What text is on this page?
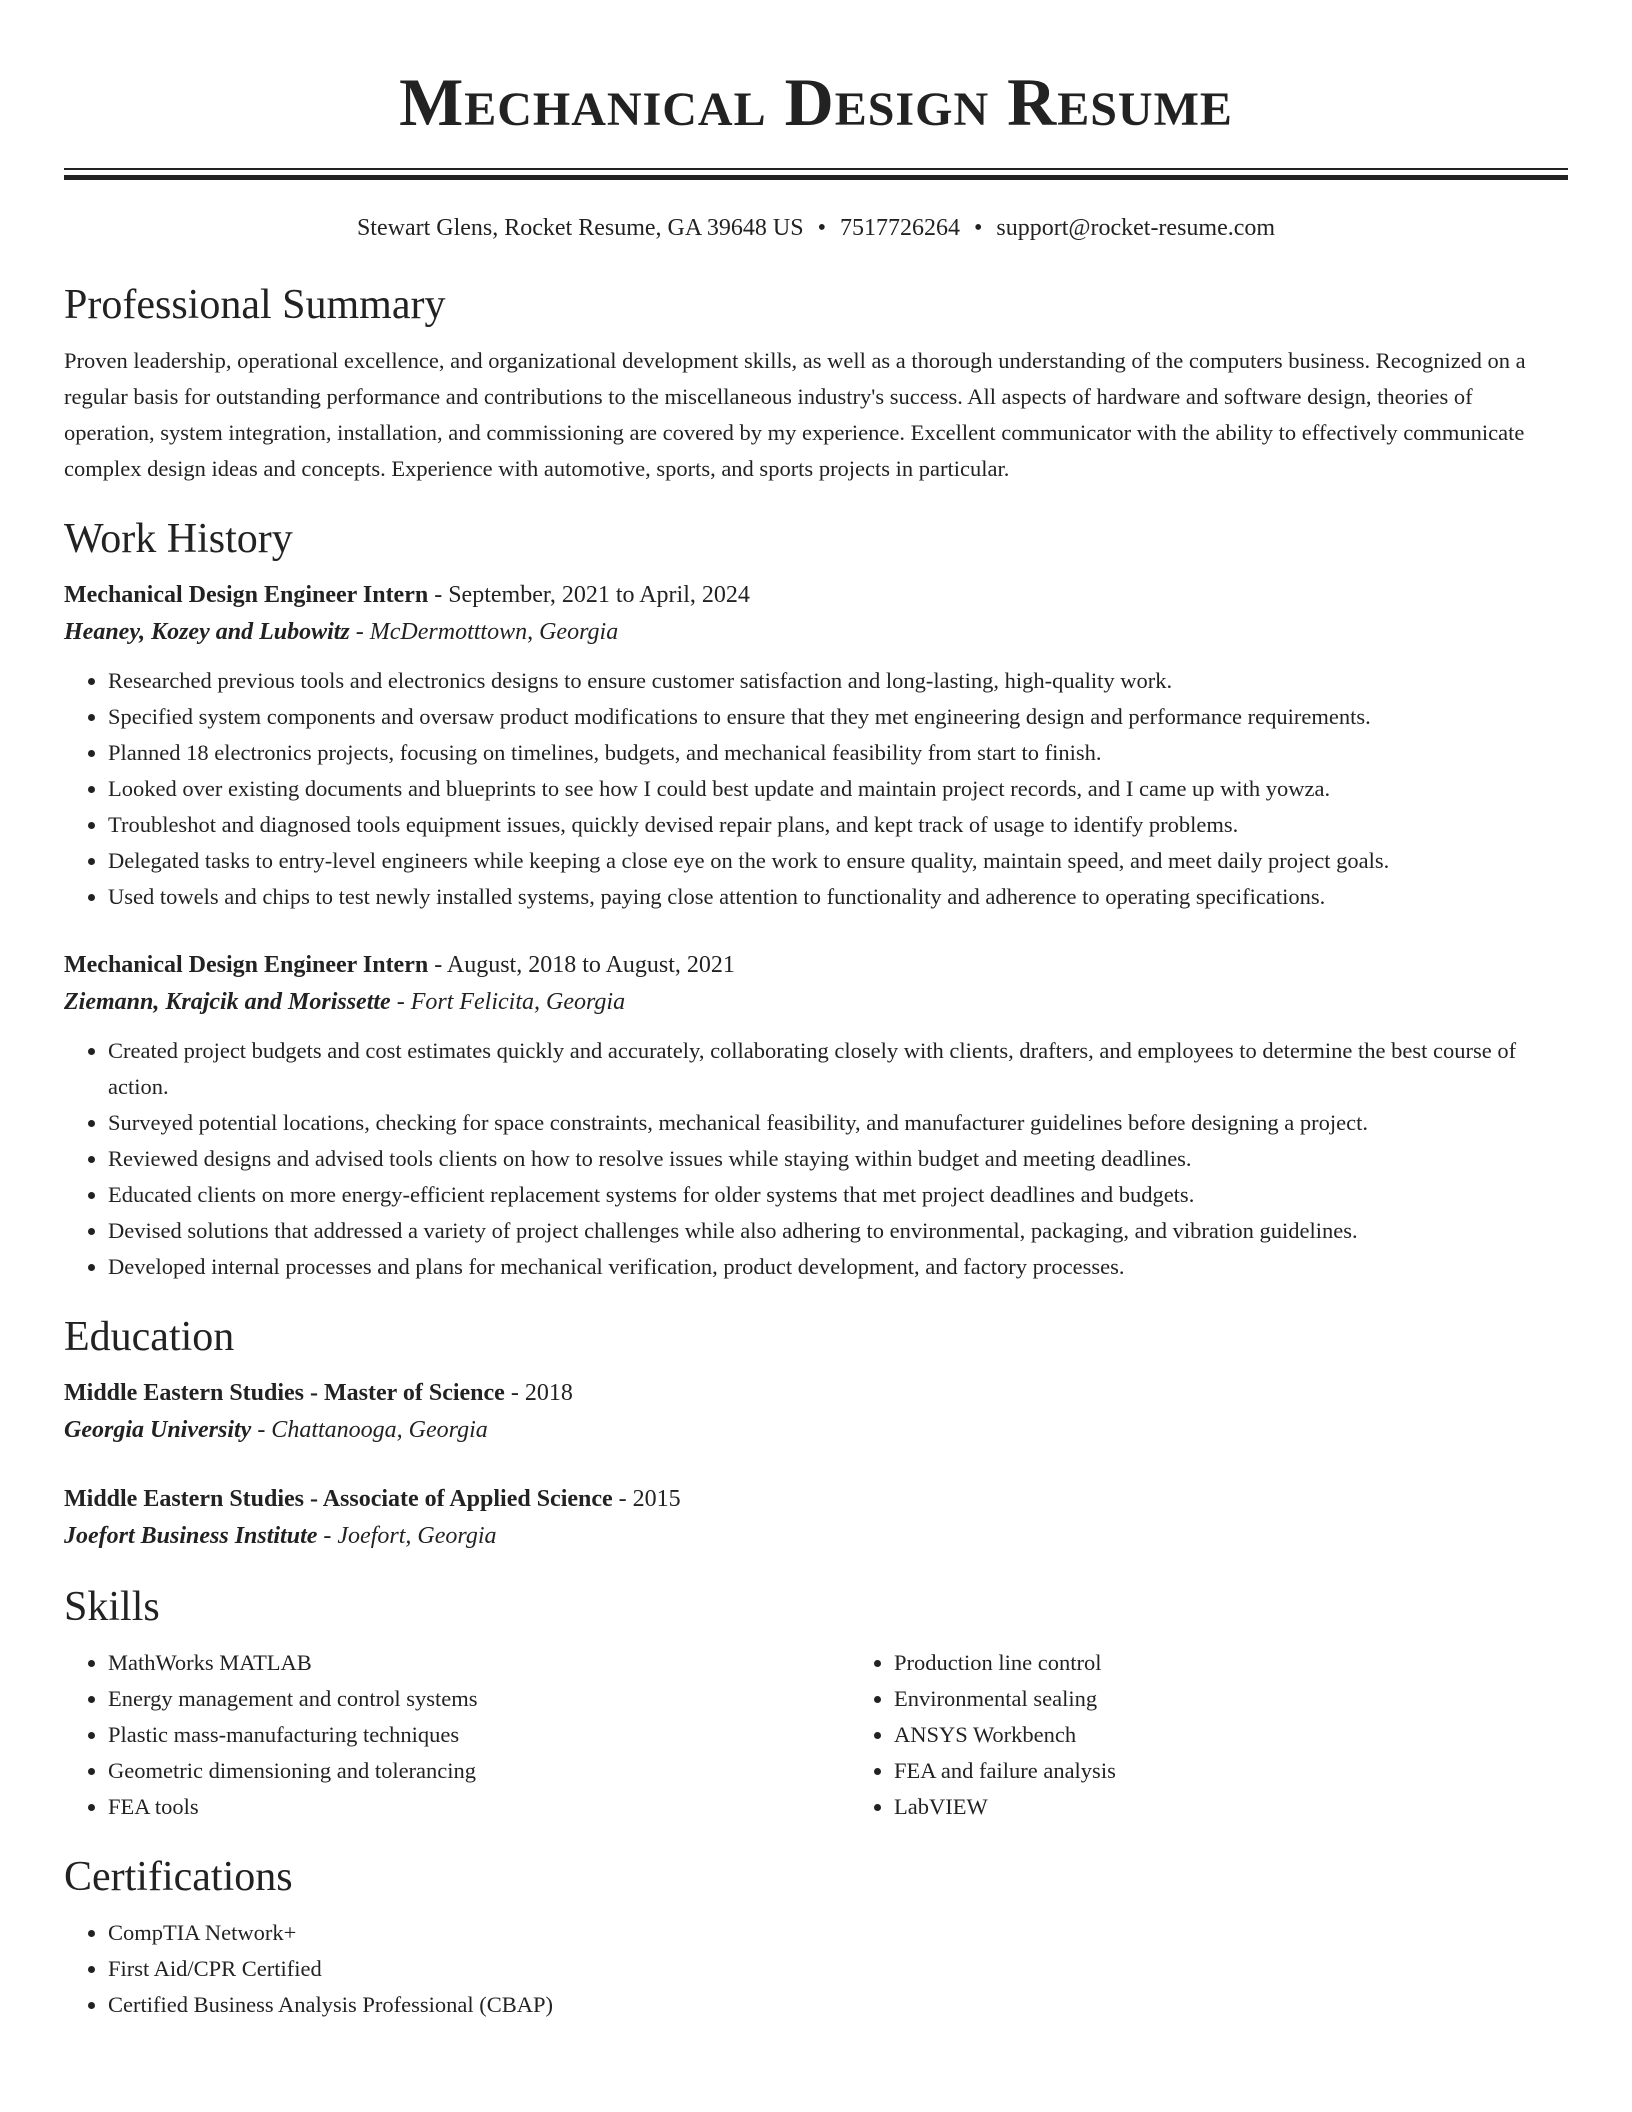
Mechanical Design Resume
Stewart Glens, Rocket Resume, GA 39648 US • 7517726264 • support@rocket-resume.com
Professional Summary

Proven leadership, operational excellence, and organizational development skills, as well as a thorough understanding of the computers business. Recognized on a regular basis for outstanding performance and contributions to the miscellaneous industry's success. All aspects of hardware and software design, theories of operation, system integration, installation, and commissioning are covered by my experience. Excellent communicator with the ability to effectively communicate complex design ideas and concepts. Experience with automotive, sports, and sports projects in particular.

Work History

Mechanical Design Engineer Intern - September, 2021 to April, 2024

Heaney, Kozey and Lubowitz - McDermotttown, Georgia

• Researched previous tools and electronics designs to ensure customer satisfaction and long-lasting, high-quality work.
• Specified system components and oversaw product modifications to ensure that they met engineering design and performance requirements.
• Planned 18 electronics projects, focusing on timelines, budgets, and mechanical feasibility from start to finish.
• Looked over existing documents and blueprints to see how I could best update and maintain project records, and I came up with yowza.
• Troubleshot and diagnosed tools equipment issues, quickly devised repair plans, and kept track of usage to identify problems.
• Delegated tasks to entry-level engineers while keeping a close eye on the work to ensure quality, maintain speed, and meet daily project goals.
• Used towels and chips to test newly installed systems, paying close attention to functionality and adherence to operating specifications.

Mechanical Design Engineer Intern - August, 2018 to August, 2021

Ziemann, Krajcik and Morissette - Fort Felicita, Georgia

• Created project budgets and cost estimates quickly and accurately, collaborating closely with clients, drafters, and employees to determine the best course of action.
• Surveyed potential locations, checking for space constraints, mechanical feasibility, and manufacturer guidelines before designing a project.
• Reviewed designs and advised tools clients on how to resolve issues while staying within budget and meeting deadlines.
• Educated clients on more energy-efficient replacement systems for older systems that met project deadlines and budgets.
• Devised solutions that addressed a variety of project challenges while also adhering to environmental, packaging, and vibration guidelines.
• Developed internal processes and plans for mechanical verification, product development, and factory processes.
Education

Middle Eastern Studies - Master of Science - 2018

Georgia University - Chattanooga, Georgia

Middle Eastern Studies - Associate of Applied Science - 2015

Joefort Business Institute - Joefort, Georgia

Skills
• MathWorks MATLAB
• Energy management and control systems
• Plastic mass-manufacturing techniques
• Geometric dimensioning and tolerancing
• FEA tools
• Production line control
• Environmental sealing
• ANSYS Workbench
• FEA and failure analysis
• LabVIEW
Certifications
• CompTIA Network+
• First Aid/CPR Certified
• Certified Business Analysis Professional (CBAP)
